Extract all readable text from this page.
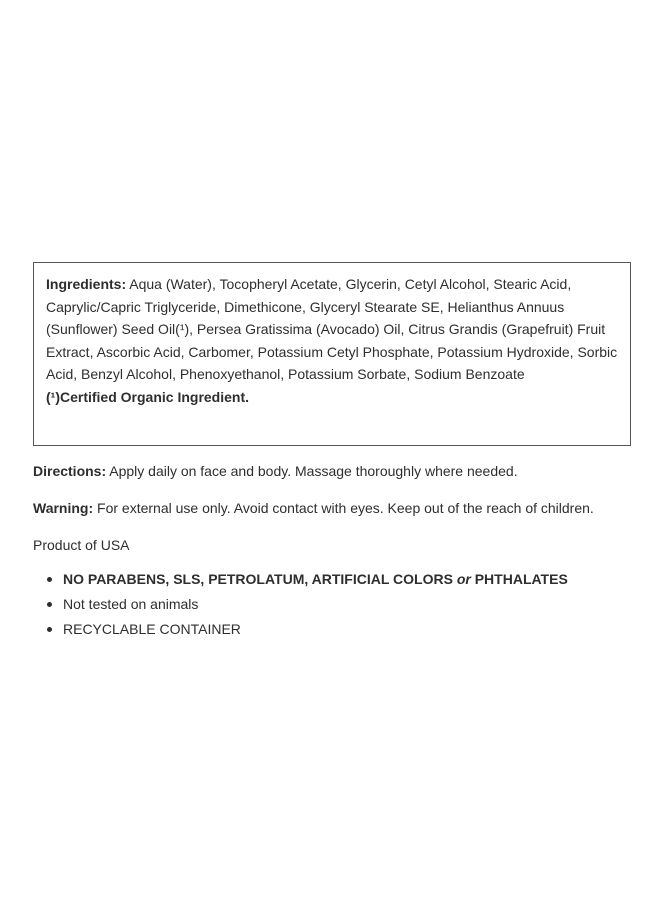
Ingredients: Aqua (Water), Tocopheryl Acetate, Glycerin, Cetyl Alcohol, Stearic Acid, Caprylic/Capric Triglyceride, Dimethicone, Glyceryl Stearate SE, Helianthus Annuus (Sunflower) Seed Oil(¹), Persea Gratissima (Avocado) Oil, Citrus Grandis (Grapefruit) Fruit Extract, Ascorbic Acid, Carbomer, Potassium Cetyl Phosphate, Potassium Hydroxide, Sorbic Acid, Benzyl Alcohol, Phenoxyethanol, Potassium Sorbate, Sodium Benzoate

(¹)Certified Organic Ingredient.

Directions: Apply daily on face and body. Massage thoroughly where needed.

Warning: For external use only. Avoid contact with eyes. Keep out of the reach of children.

Product of USA

NO PARABENS, SLS, PETROLATUM, ARTIFICIAL COLORS or PHTHALATES
Not tested on animals
RECYCLABLE CONTAINER
